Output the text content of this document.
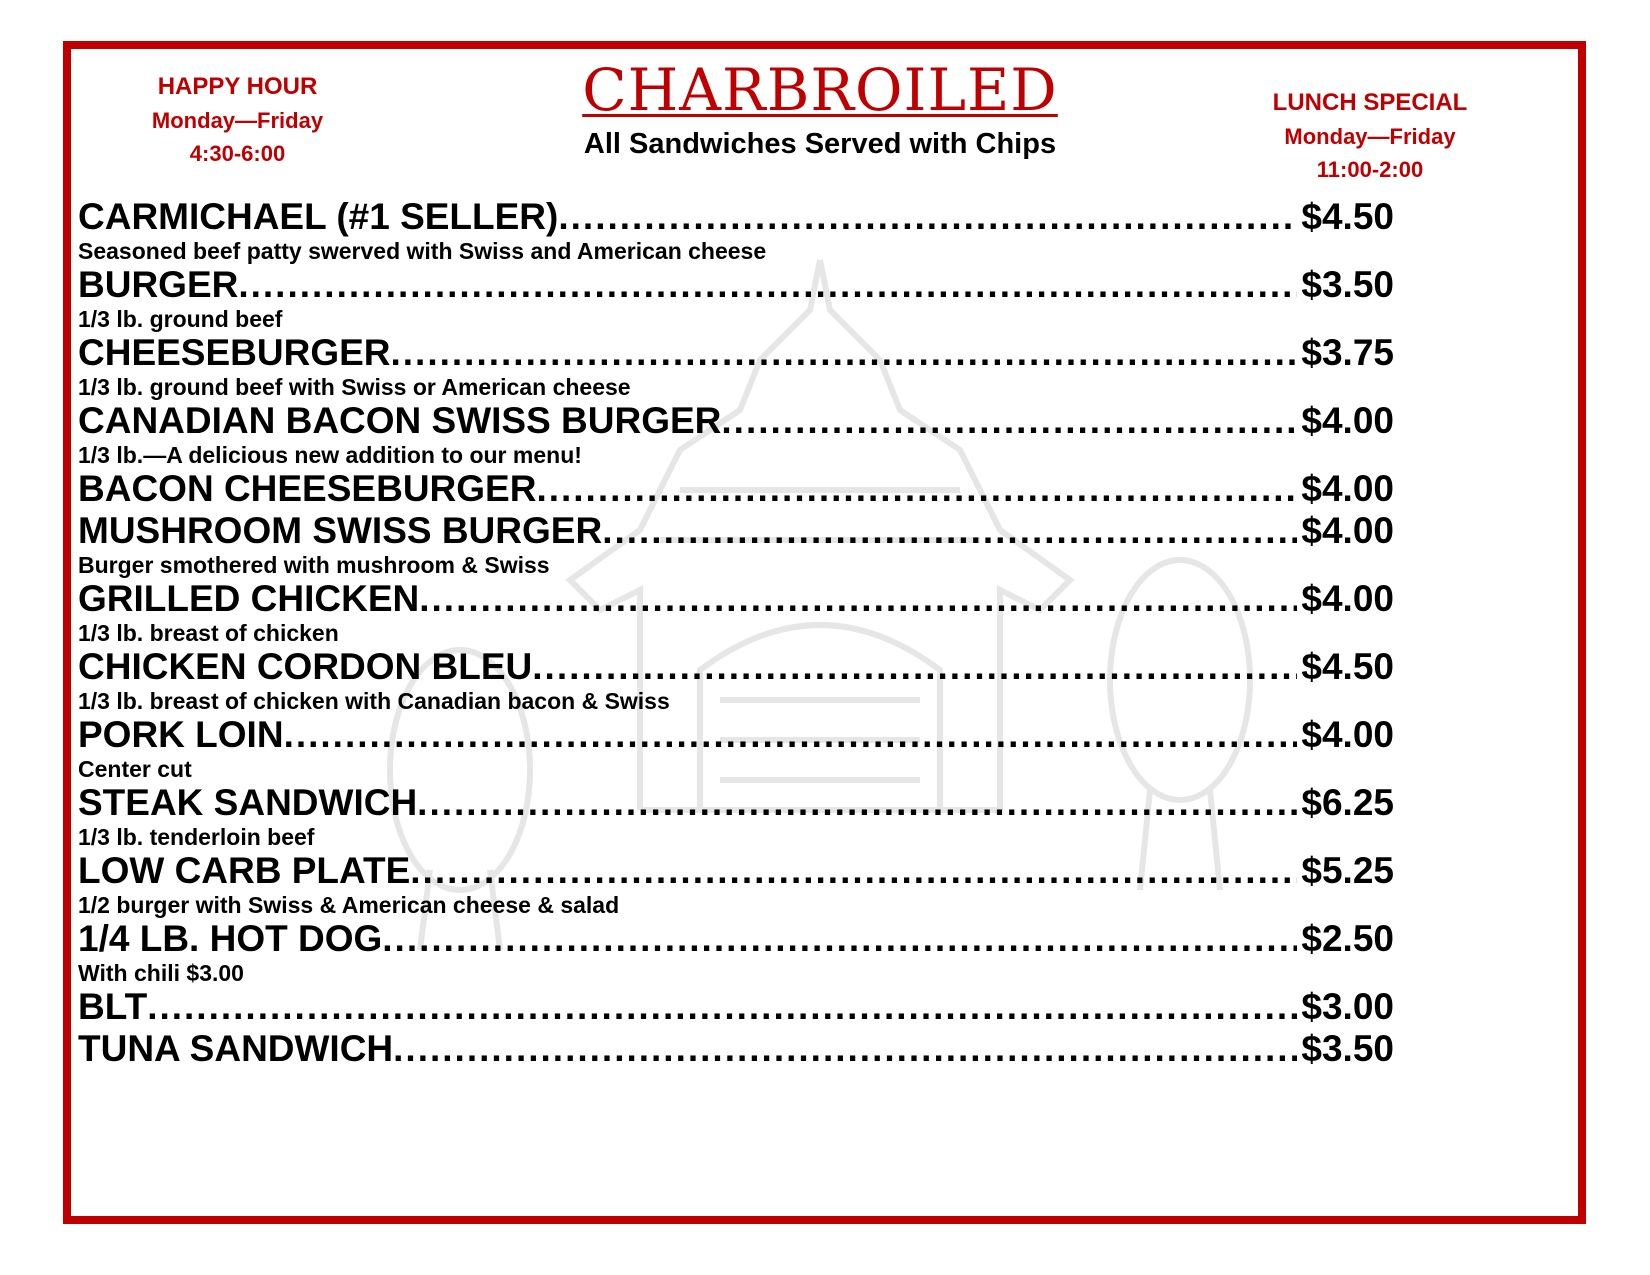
HAPPY HOUR
Monday—Friday
4:30-6:00
CHARBROILED
All Sandwiches Served with Chips
LUNCH SPECIAL
Monday—Friday
11:00-2:00
CARMICHAEL (#1 SELLER) .....	$4.50
Seasoned beef patty swerved with Swiss and American cheese
BURGER .....	$3.50
1/3 lb. ground beef
CHEESEBURGER .....	$3.75
1/3 lb. ground beef with Swiss or American cheese
CANADIAN BACON SWISS BURGER .....	$4.00
1/3 lb.—A delicious new addition to our menu!
BACON CHEESEBURGER .....	$4.00
MUSHROOM SWISS BURGER .....	$4.00
Burger smothered with mushroom & Swiss
GRILLED CHICKEN .....	$4.00
1/3 lb. breast of chicken
CHICKEN CORDON BLEU .....	$4.50
1/3 lb. breast of chicken with Canadian bacon & Swiss
PORK LOIN .....	$4.00
Center cut
STEAK SANDWICH .....	$6.25
1/3 lb. tenderloin beef
LOW CARB PLATE .....	$5.25
1/2 burger with Swiss & American cheese & salad
1/4 LB. HOT DOG .....	$2.50
With chili $3.00
BLT .....	$3.00
TUNA SANDWICH .....	$3.50
